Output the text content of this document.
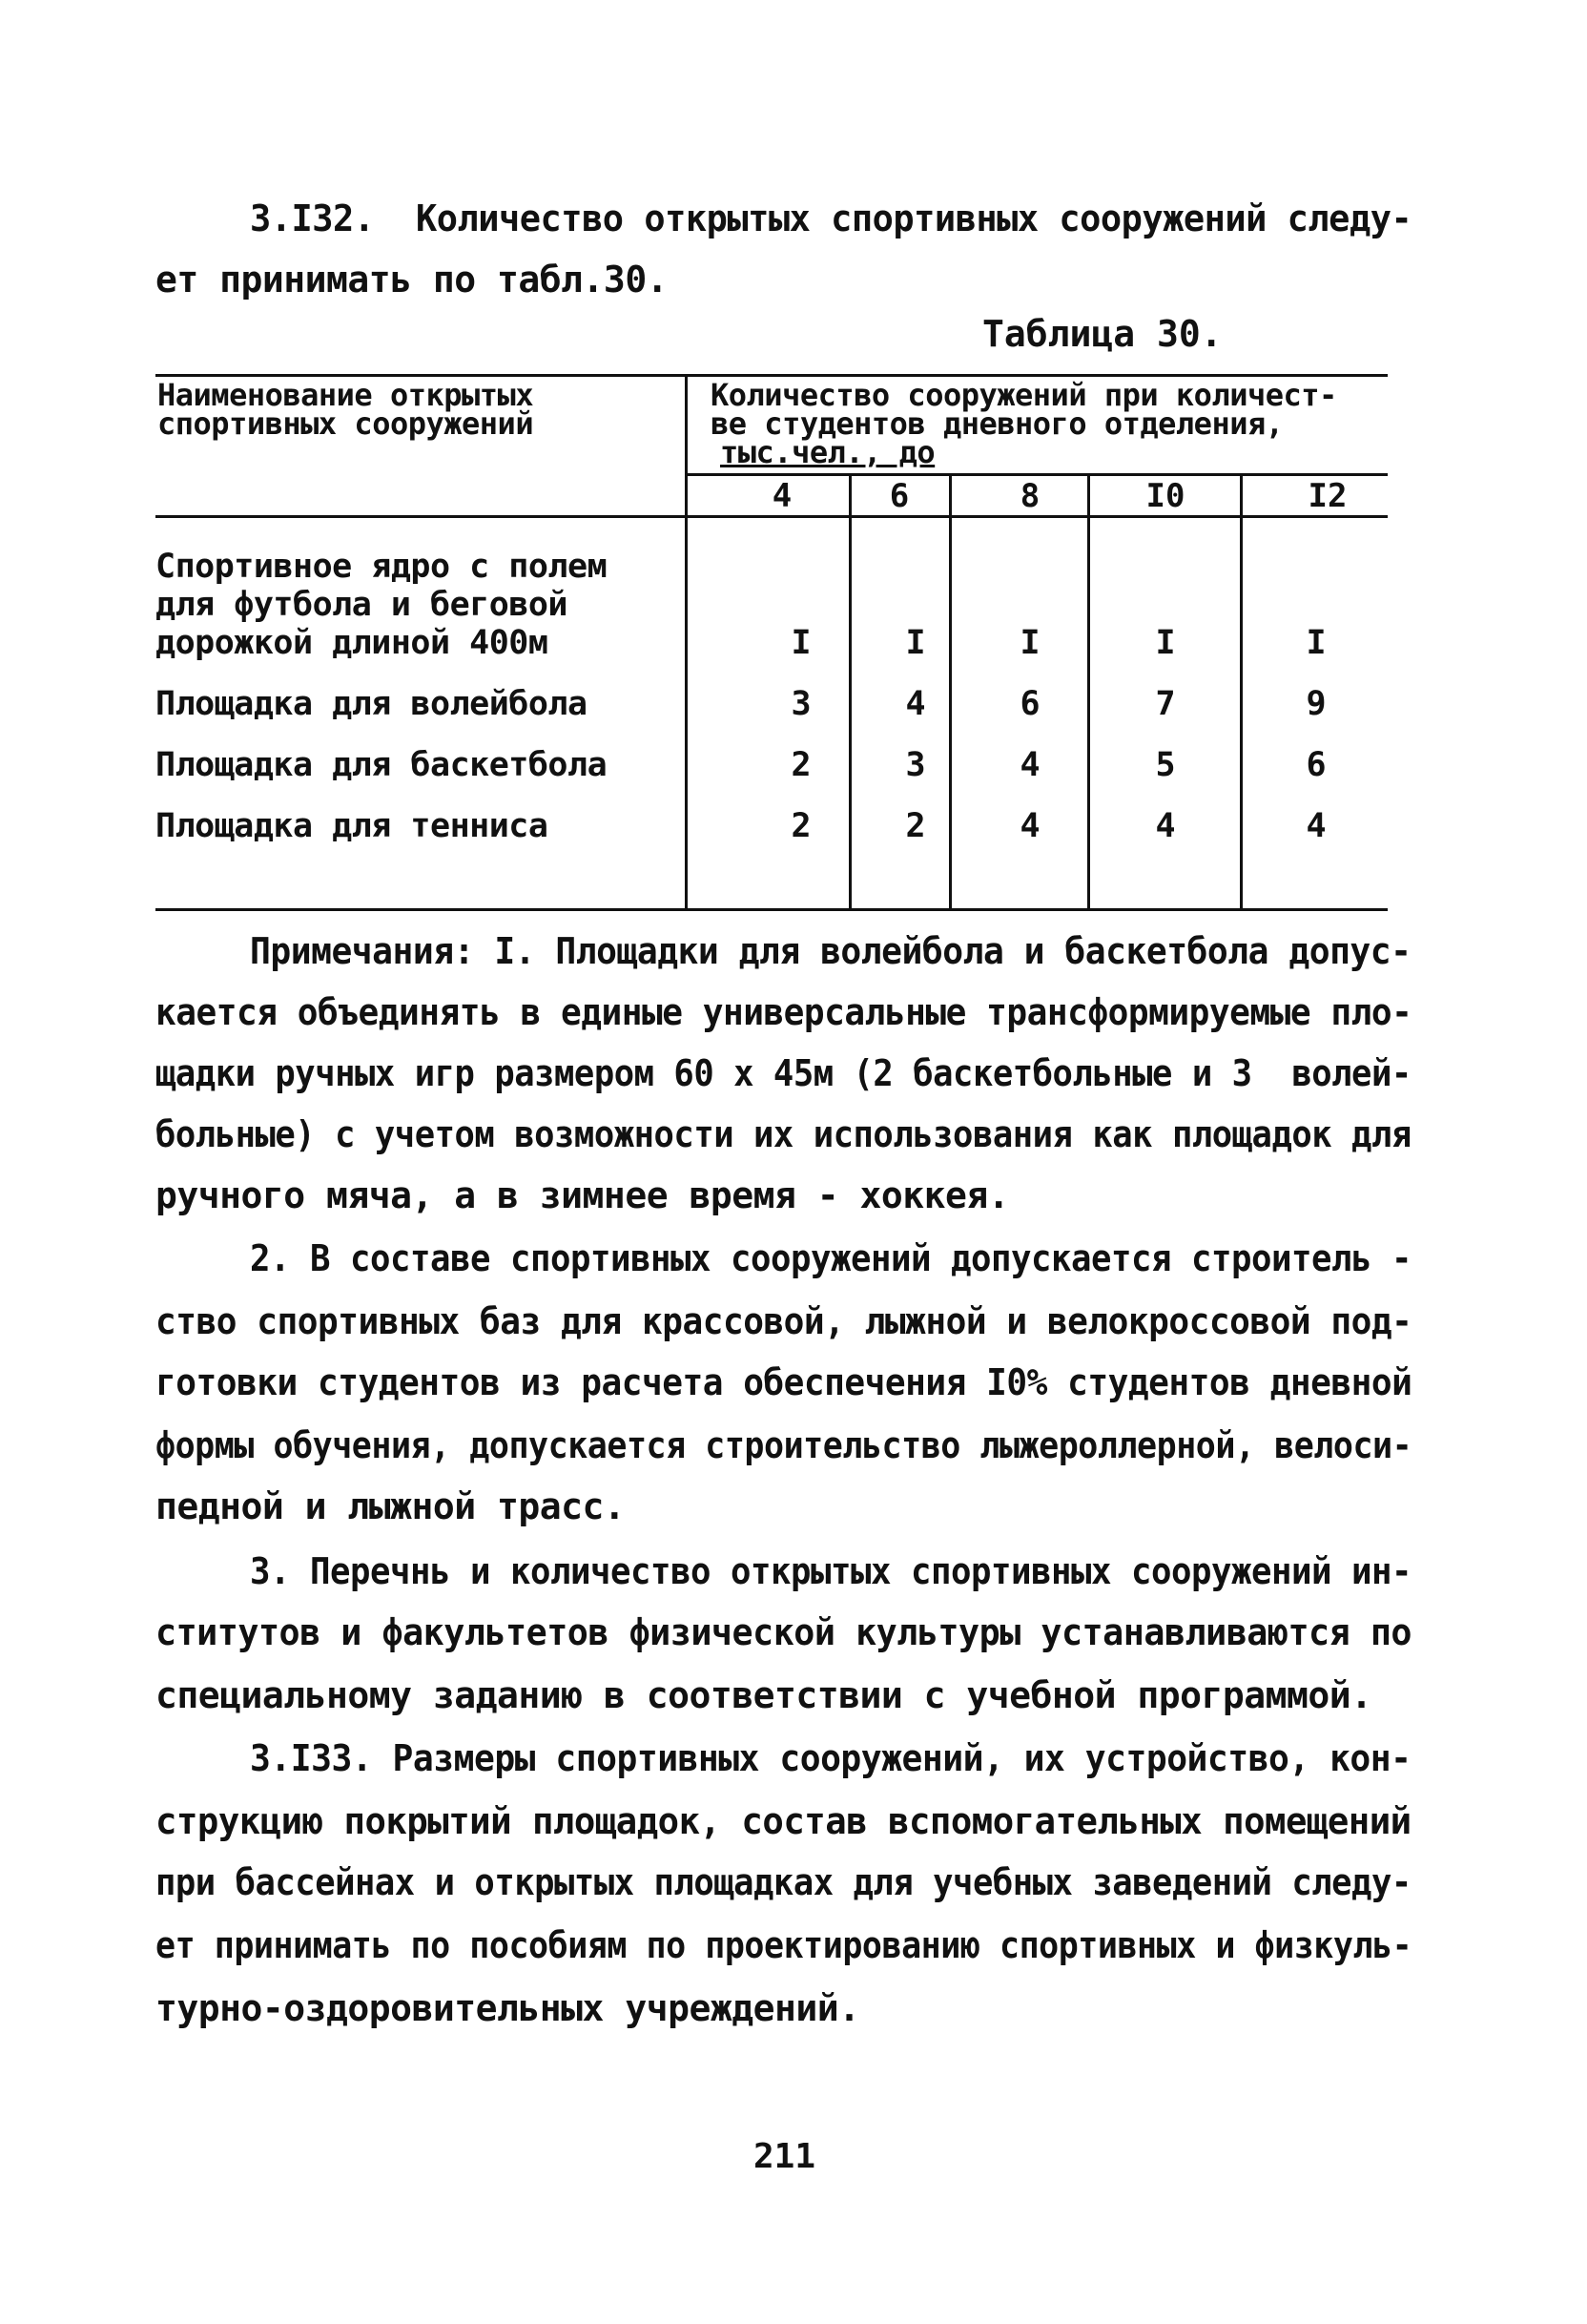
3.I32.  Количество открытых спортивных сооружений следу-
ет принимать по табл.30.
Таблица 30.
Наименование открытых
спортивных сооружений
Количество сооружений при количест-
ве студентов дневного отделения,
тыс.чел., до
4	6	8	I0	I2
Спортивное ядро с полем
для футбола и беговой
дорожкой длиной 400м	I	I	I	I	I
Площадка для волейбола	3	4	6	7	9
Площадка для баскетбола	2	3	4	5	6
Площадка для тенниса	2	2	4	4	4
Примечания: I. Площадки для волейбола и баскетбола допус-
кается объединять в единые универсальные трансформируемые пло-
щадки ручных игр размером 60 х 45м (2 баскетбольные и 3  волей-
больные) с учетом возможности их использования как площадок для
ручного мяча, а в зимнее время - хоккея.
2. В составе спортивных сооружений допускается строитель -
ство спортивных баз для крассовой, лыжной и велокроссовой под-
готовки студентов из расчета обеспечения I0% студентов дневной
формы обучения, допускается строительство лыжероллерной, велоси-
педной и лыжной трасс.
3. Перечнь и количество открытых спортивных сооружений ин-
ститутов и факультетов физической культуры устанавливаются по
специальному заданию в соответствии с учебной программой.
3.I33. Размеры спортивных сооружений, их устройство, кон-
струкцию покрытий площадок, состав вспомогательных помещений
при бассейнах и открытых площадках для учебных заведений следу-
ет принимать по пособиям по проектированию спортивных и физкуль-
турно-оздоровительных учреждений.
211
